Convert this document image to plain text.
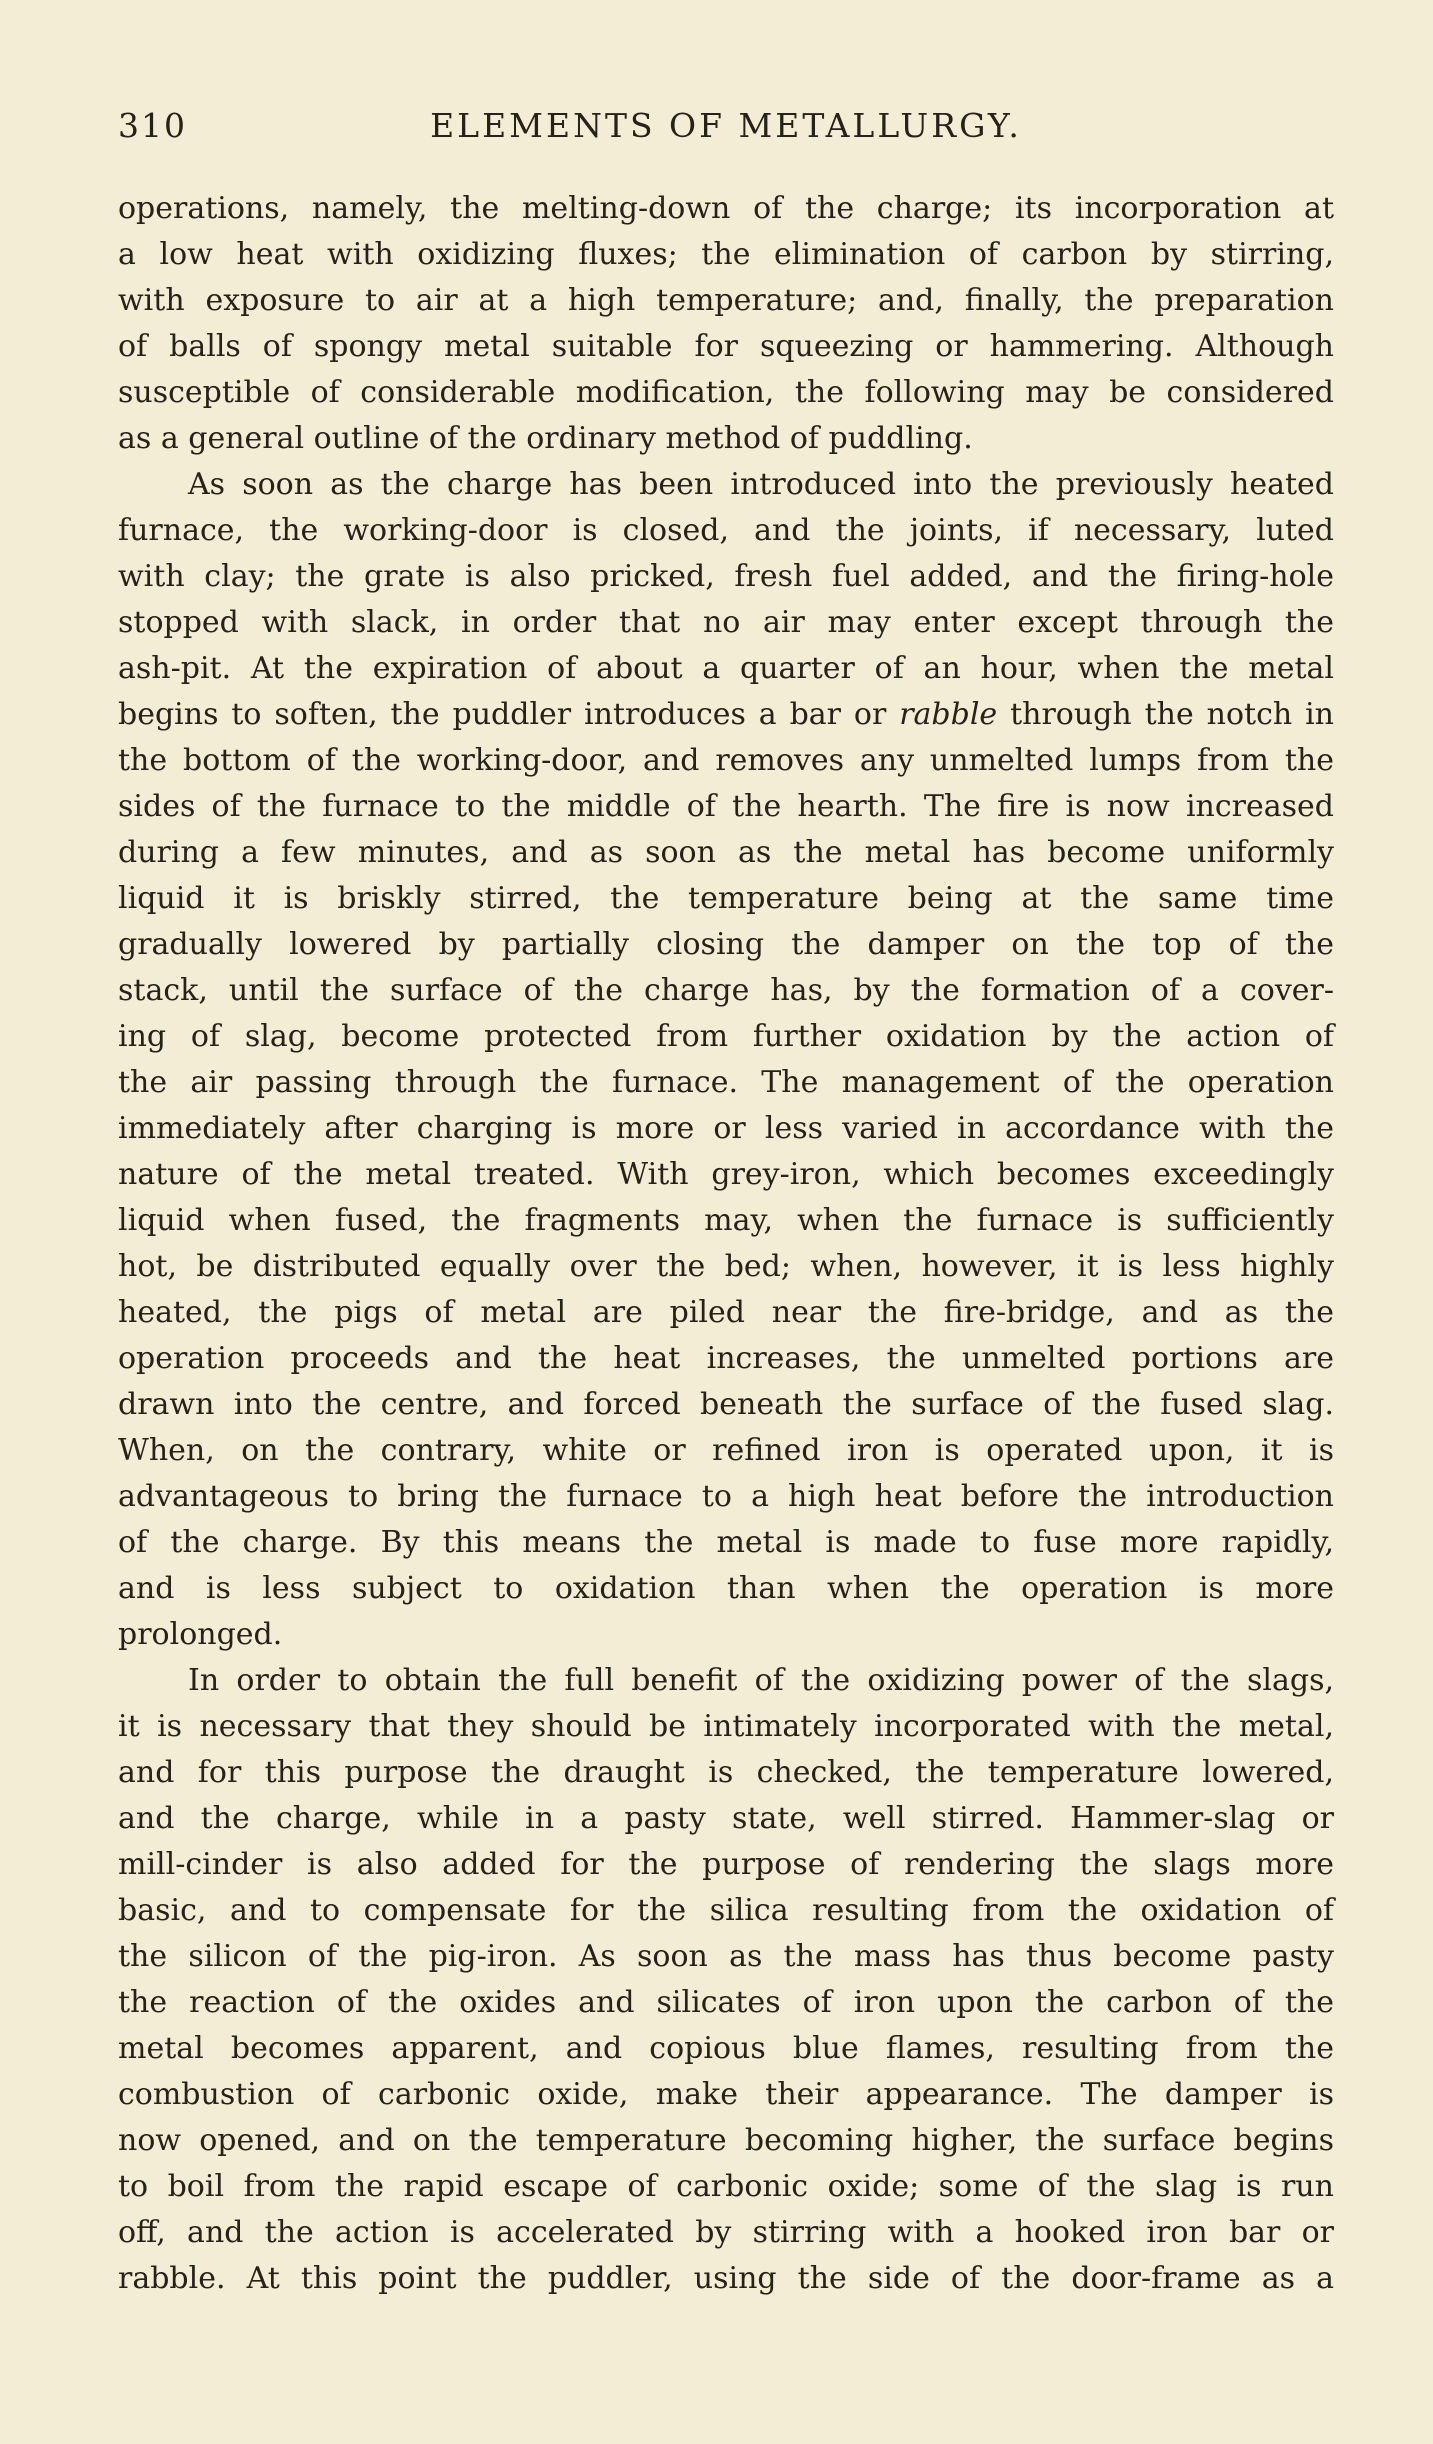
310	ELEMENTS OF METALLURGY.
operations, namely, the melting-down of the charge; its incorporation at
a low heat with oxidizing fluxes; the elimination of carbon by stirring,
with exposure to air at a high temperature; and, finally, the preparation
of balls of spongy metal suitable for squeezing or hammering. Although
susceptible of considerable modification, the following may be considered
as a general outline of the ordinary method of puddling.
As soon as the charge has been introduced into the previously heated
furnace, the working-door is closed, and the joints, if necessary, luted
with clay; the grate is also pricked, fresh fuel added, and the firing-hole
stopped with slack, in order that no air may enter except through the
ash-pit. At the expiration of about a quarter of an hour, when the metal
begins to soften, the puddler introduces a bar or rabble through the notch in
the bottom of the working-door, and removes any unmelted lumps from the
sides of the furnace to the middle of the hearth. The fire is now increased
during a few minutes, and as soon as the metal has become uniformly
liquid it is briskly stirred, the temperature being at the same time
gradually lowered by partially closing the damper on the top of the
stack, until the surface of the charge has, by the formation of a cover-
ing of slag, become protected from further oxidation by the action of
the air passing through the furnace. The management of the operation
immediately after charging is more or less varied in accordance with the
nature of the metal treated. With grey-iron, which becomes exceedingly
liquid when fused, the fragments may, when the furnace is sufficiently
hot, be distributed equally over the bed; when, however, it is less highly
heated, the pigs of metal are piled near the fire-bridge, and as the
operation proceeds and the heat increases, the unmelted portions are
drawn into the centre, and forced beneath the surface of the fused slag.
When, on the contrary, white or refined iron is operated upon, it is
advantageous to bring the furnace to a high heat before the introduction
of the charge. By this means the metal is made to fuse more rapidly,
and is less subject to oxidation than when the operation is more
prolonged.
In order to obtain the full benefit of the oxidizing power of the slags,
it is necessary that they should be intimately incorporated with the metal,
and for this purpose the draught is checked, the temperature lowered,
and the charge, while in a pasty state, well stirred. Hammer-slag or
mill-cinder is also added for the purpose of rendering the slags more
basic, and to compensate for the silica resulting from the oxidation of
the silicon of the pig-iron. As soon as the mass has thus become pasty
the reaction of the oxides and silicates of iron upon the carbon of the
metal becomes apparent, and copious blue flames, resulting from the
combustion of carbonic oxide, make their appearance. The damper is
now opened, and on the temperature becoming higher, the surface begins
to boil from the rapid escape of carbonic oxide; some of the slag is run
off, and the action is accelerated by stirring with a hooked iron bar or
rabble. At this point the puddler, using the side of the door-frame as a
